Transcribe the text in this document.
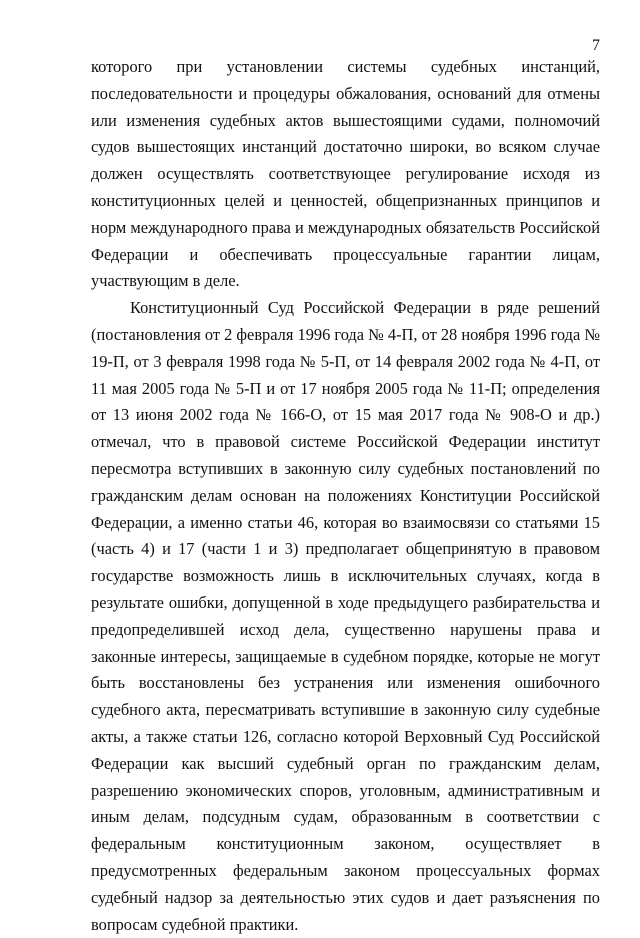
7

которого при установлении системы судебных инстанций, последовательности и процедуры обжалования, оснований для отмены или изменения судебных актов вышестоящими судами, полномочий судов вышестоящих инстанций достаточно широки, во всяком случае должен осуществлять соответствующее регулирование исходя из конституционных целей и ценностей, общепризнанных принципов и норм международного права и международных обязательств Российской Федерации и обеспечивать процессуальные гарантии лицам, участвующим в деле.

Конституционный Суд Российской Федерации в ряде решений (постановления от 2 февраля 1996 года № 4-П, от 28 ноября 1996 года № 19-П, от 3 февраля 1998 года № 5-П, от 14 февраля 2002 года № 4-П, от 11 мая 2005 года № 5-П и от 17 ноября 2005 года № 11-П; определения от 13 июня 2002 года № 166-О, от 15 мая 2017 года № 908-О и др.) отмечал, что в правовой системе Российской Федерации институт пересмотра вступивших в законную силу судебных постановлений по гражданским делам основан на положениях Конституции Российской Федерации, а именно статьи 46, которая во взаимосвязи со статьями 15 (часть 4) и 17 (части 1 и 3) предполагает общепринятую в правовом государстве возможность лишь в исключительных случаях, когда в результате ошибки, допущенной в ходе предыдущего разбирательства и предопределившей исход дела, существенно нарушены права и законные интересы, защищаемые в судебном порядке, которые не могут быть восстановлены без устранения или изменения ошибочного судебного акта, пересматривать вступившие в законную силу судебные акты, а также статьи 126, согласно которой Верховный Суд Российской Федерации как высший судебный орган по гражданским делам, разрешению экономических споров, уголовным, административным и иным делам, подсудным судам, образованным в соответствии с федеральным конституционным законом, осуществляет в предусмотренных федеральным законом процессуальных формах судебный надзор за деятельностью этих судов и дает разъяснения по вопросам судебной практики.
